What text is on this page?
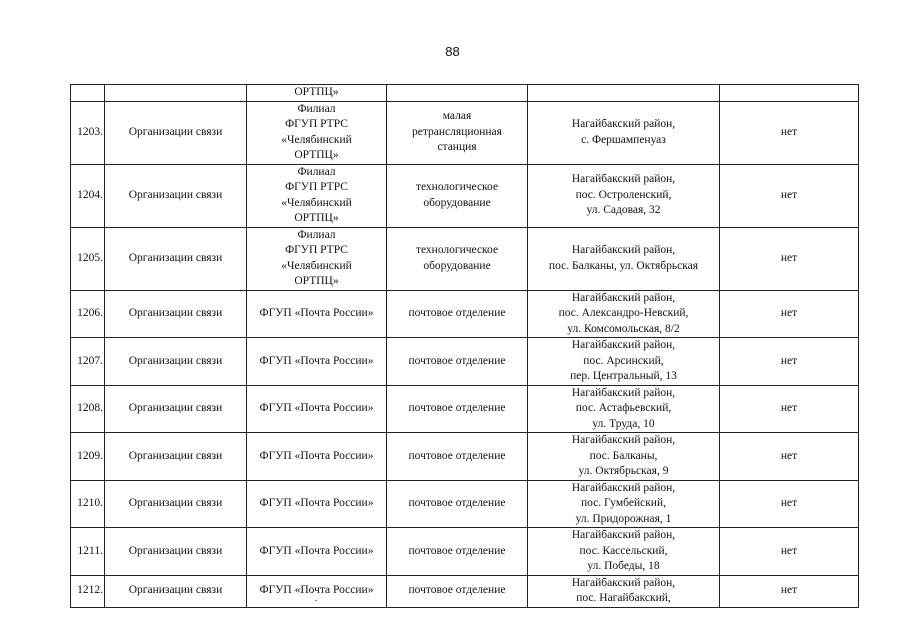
88

		ОРТПЦ»			

1203.	Организации связи	Филиал
ФГУП РТРС
«Челябинский
ОРТПЦ»	малая
ретрансляционная
станция	Нагайбакский район,
с. Фершампенуаз	нет

1204.	Организации связи	Филиал
ФГУП РТРС
«Челябинский
ОРТПЦ»	технологическое
оборудование	Нагайбакский район,
пос. Остроленский,
ул. Садовая, 32	нет

1205.	Организации связи	Филиал
ФГУП РТРС
«Челябинский
ОРТПЦ»	технологическое
оборудование	Нагайбакский район,
пос. Балканы, ул. Октябрьская	нет

1206.	Организации связи	ФГУП «Почта России»	почтовое отделение	Нагайбакский район,
пос. Александро-Невский,
ул. Комсомольская, 8/2	нет

1207.	Организации связи	ФГУП «Почта России»	почтовое отделение	Нагайбакский район,
пос. Арсинский,
пер. Центральный, 13	нет

1208.	Организации связи	ФГУП «Почта России»	почтовое отделение	Нагайбакский район,
пос. Астафьевский,
ул. Труда, 10	нет

1209.	Организации связи	ФГУП «Почта России»	почтовое отделение	Нагайбакский район,
пос. Балканы,
ул. Октябрьская, 9	нет

1210.	Организации связи	ФГУП «Почта России»	почтовое отделение	Нагайбакский район,
пос. Гумбейский,
ул. Придорожная, 1	нет

1211.	Организации связи	ФГУП «Почта России»	почтовое отделение	Нагайбакский район,
пос. Кассельский,
ул. Победы, 18	нет

1212.	Организации связи	ФГУП «Почта России»	почтовое отделение	Нагайбакский район,
пос. Нагайбакский,	нет
